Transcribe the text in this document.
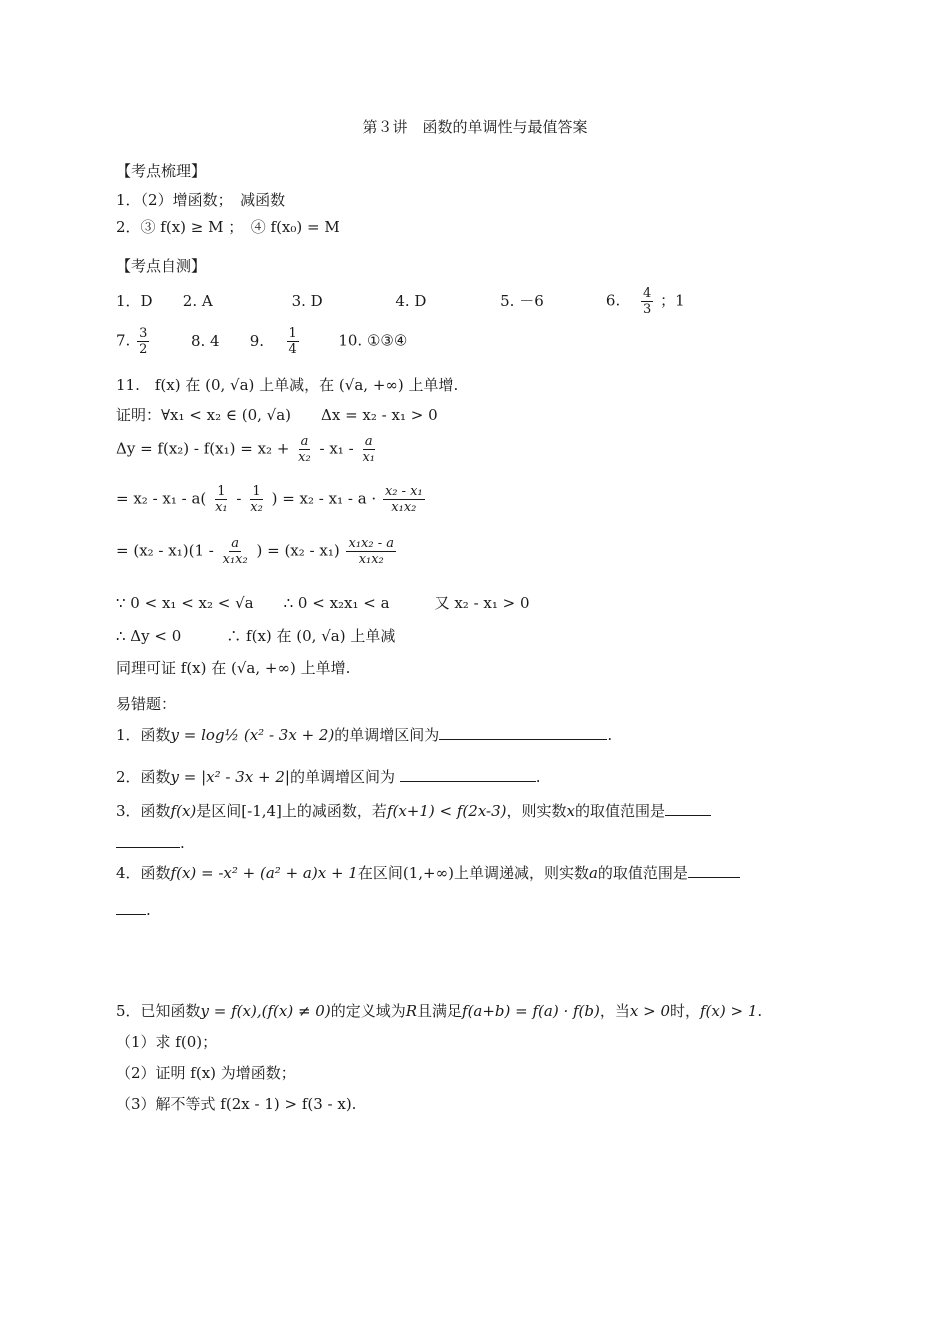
第３讲　函数的单调性与最值答案
【考点梳理】
1．（2）增函数；　减函数
2．③ f(x) ≥ M ；　④ f(x₀) = M
【考点自测】
1．D 2. A	3. D	4. D	5. －6	6. $\frac{4}{3}$ ；1
7. $\frac{3}{2}$	8. 4 9. $\frac{1}{4}$	10. ①③④
11.　f(x) 在 (0, √a) 上单减，在 (√a, +∞) 上单增.
证明：∀x₁ < x₂ ∈ (0, √a)　　Δx = x₂ - x₁ > 0
$\Delta y = f(x_2) - f(x_1) = x_2 + \frac{a}{\text{x₂}} - x_1 - \frac{a}{\text{x₁}}$
= $x_2 - x_1 - a( \frac{1}{\text{x₁}} - \frac{1}{\text{x₂}}$ ) = $x_2 - x_1 - a \cdot \frac{\text{x₂ - x₁}}{\text{x₁x₂}}$
= $(x_2 - x_1)(1 - \frac{a}{\text{x₁x₂}}$ ) = $(x_2 - x_1) \frac{\text{x₁x₂ - a}}{\text{x₁x₂}}$
∵ 0 < x₁ < x₂ < √a　　∴ 0 < x₂x₁ < a　　　又 x₂ - x₁ > 0
∴ Δy < 0　　　∴ f(x) 在 (0, √a) 上单减
同理可证 f(x) 在 (√a, +∞) 上单增.
易错题：
1．函数y = log½ (x² - 3x + 2)的单调增区间为	.
2．函数y = |x² - 3x + 2|的单调增区间为	.
3．函数f(x)是区间[-1,4]上的减函数，若f(x+1) < f(2x-3)，则实数x的取值范围是
.
4．函数f(x) = -x² + (a² + a)x + 1在区间(1,+∞)上单调递减，则实数a的取值范围是
.
5．已知函数y = f(x),(f(x) ≠ 0)的定义域为R且满足f(a+b) = f(a) · f(b)，当x > 0时，f(x) > 1.
（1）求 f(0)；
（2）证明 f(x) 为增函数；
（3）解不等式 f(2x - 1) > f(3 - x).
